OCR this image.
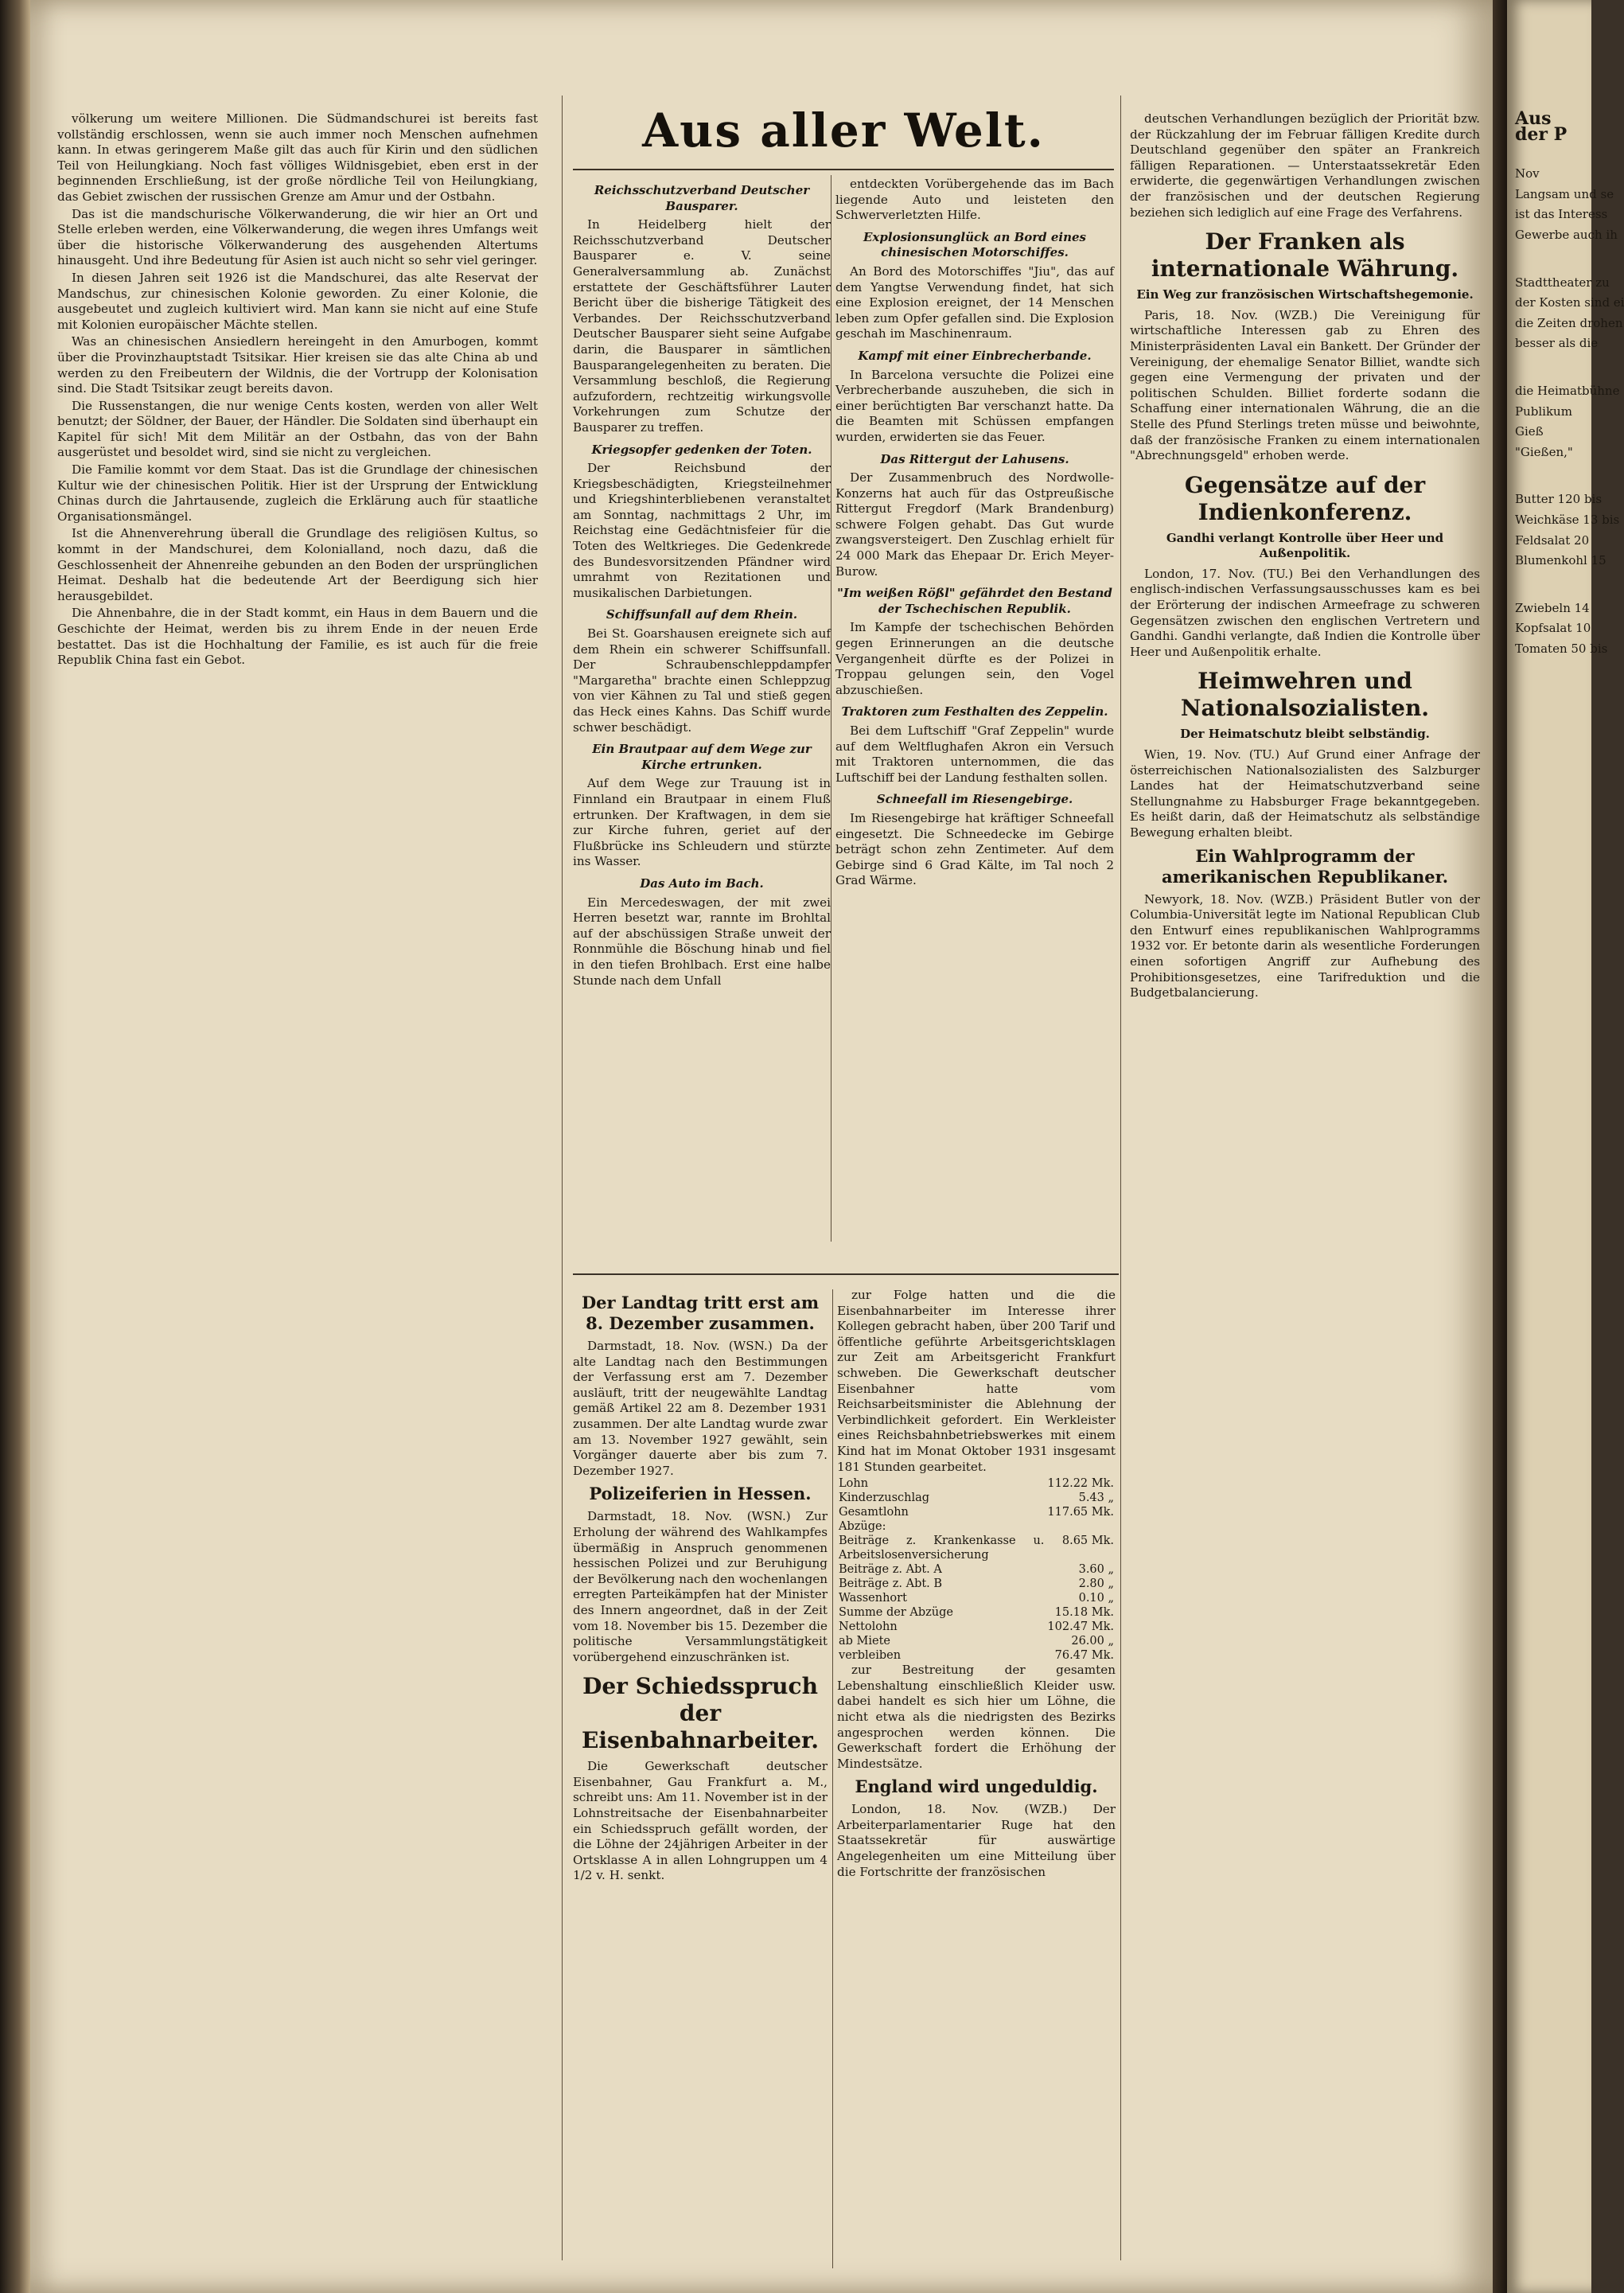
Aus aller Welt.

völkerung um weitere Millionen. Die Südmandschurei ist bereits fast vollständig erschlossen, wenn sie auch immer noch Menschen aufnehmen kann. In etwas geringerem Maße gilt das auch für Kirin und den südlichen Teil von Heilungkiang. Noch fast völliges Wildnisgebiet, eben erst in der beginnenden Erschließung, ist der große nördliche Teil von Heilungkiang, das Gebiet zwischen der russischen Grenze am Amur und der Ostbahn.

Das ist die mandschurische Völkerwanderung, die wir hier an Ort und Stelle erleben werden, eine Völkerwanderung, die wegen ihres Umfangs weit über die historische Völkerwanderung des ausgehenden Altertums hinausgeht. Und ihre Bedeutung für Asien ist auch nicht so sehr viel geringer.

In diesen Jahren seit 1926 ist die Mandschurei, das alte Reservat der Mandschus, zur chinesischen Kolonie geworden. Zu einer Kolonie, die ausgebeutet und zugleich kultiviert wird. Man kann sie nicht auf eine Stufe mit Kolonien europäischer Mächte stellen.

Was an chinesischen Ansiedlern hereingeht in den Amurbogen, kommt über die Provinzhauptstadt Tsitsikar. Hier kreisen sie das alte China ab und werden zu den Freibeutern der Wildnis, die der Vortrupp der Kolonisation sind. Die Stadt Tsitsikar zeugt bereits davon.

Die Russenstangen, die nur wenige Cents kosten, werden von aller Welt benutzt; der Söldner, der Bauer, der Händler. Die Soldaten sind überhaupt ein Kapitel für sich! Mit dem Militär an der Ostbahn, das von der Bahn ausgerüstet und besoldet wird, sind sie nicht zu vergleichen.

Die Familie kommt vor dem Staat. Das ist die Grundlage der chinesischen Kultur wie der chinesischen Politik. Hier ist der Ursprung der Entwicklung Chinas durch die Jahrtausende, zugleich die Erklärung auch für staatliche Organisationsmängel.

Ist die Ahnenverehrung überall die Grundlage des religiösen Kultus, so kommt in der Mandschurei, dem Kolonialland, noch dazu, daß die Geschlossenheit der Ahnenreihe gebunden an den Boden der ursprünglichen Heimat. Deshalb hat die bedeutende Art der Beerdigung sich hier herausgebildet.

Die Ahnenbahre, die in der Stadt kommt, ein Haus in dem Bauern und die Geschichte der Heimat, werden bis zu ihrem Ende in der neuen Erde bestattet. Das ist die Hochhaltung der Familie, es ist auch für die freie Republik China fast ein Gebot.

Reichsschutzverband Deutscher Bausparer.

In Heidelberg hielt der Reichsschutzverband Deutscher Bausparer e. V. seine Generalversammlung ab. Zunächst erstattete der Geschäftsführer Lauter Bericht über die bisherige Tätigkeit des Verbandes. Der Reichsschutzverband Deutscher Bausparer sieht seine Aufgabe darin, die Bausparer in sämtlichen Bausparangelegenheiten zu beraten. Die Versammlung beschloß, die Regierung aufzufordern, rechtzeitig wirkungsvolle Vorkehrungen zum Schutze der Bausparer zu treffen.

Kriegsopfer gedenken der Toten.

Der Reichsbund der Kriegsbeschädigten, Kriegsteilnehmer und Kriegshinterbliebenen veranstaltet am Sonntag, nachmittags 2 Uhr, im Reichstag eine Gedächtnisfeier für die Toten des Weltkrieges. Die Gedenkrede des Bundesvorsitzenden Pfändner wird umrahmt von Rezitationen und musikalischen Darbietungen.

Schiffsunfall auf dem Rhein.

Bei St. Goarshausen ereignete sich auf dem Rhein ein schwerer Schiffsunfall. Der Schraubenschleppdampfer "Margaretha" brachte einen Schleppzug von vier Kähnen zu Tal und stieß gegen das Heck eines Kahns. Das Schiff wurde schwer beschädigt.

Ein Brautpaar auf dem Wege zur Kirche ertrunken.

Auf dem Wege zur Trauung ist in Finnland ein Brautpaar in einem Fluß ertrunken. Der Kraftwagen, in dem sie zur Kirche fuhren, geriet auf der Flußbrücke ins Schleudern und stürzte ins Wasser.

Das Auto im Bach.

Ein Mercedeswagen, der mit zwei Herren besetzt war, rannte im Brohltal auf der abschüssigen Straße unweit der Ronnmühle die Böschung hinab und fiel in den tiefen Brohlbach. Erst eine halbe Stunde nach dem Unfall

entdeckten Vorübergehende das im Bach liegende Auto und leisteten den Schwerverletzten Hilfe.

Explosionsunglück an Bord eines chinesischen Motorschiffes.

An Bord des Motorschiffes "Jiu", das auf dem Yangtse Verwendung findet, hat sich eine Explosion ereignet, der 14 Menschen leben zum Opfer gefallen sind. Die Explosion geschah im Maschinenraum.

Kampf mit einer Einbrecherbande.

In Barcelona versuchte die Polizei eine Verbrecherbande auszuheben, die sich in einer berüchtigten Bar verschanzt hatte. Da die Beamten mit Schüssen empfangen wurden, erwiderten sie das Feuer.

Das Rittergut der Lahusens.

Der Zusammenbruch des Nordwolle-Konzerns hat auch für das Ostpreußische Rittergut Fregdorf (Mark Brandenburg) schwere Folgen gehabt. Das Gut wurde zwangsversteigert. Den Zuschlag erhielt für 24 000 Mark das Ehepaar Dr. Erich Meyer-Burow.

"Im weißen Rößl" gefährdet den Bestand der Tschechischen Republik.

Im Kampfe der tschechischen Behörden gegen Erinnerungen an die deutsche Vergangenheit dürfte es der Polizei in Troppau gelungen sein, den Vogel abzuschießen.

Traktoren zum Festhalten des Zeppelin.

Bei dem Luftschiff "Graf Zeppelin" wurde auf dem Weltflughafen Akron ein Versuch mit Traktoren unternommen, die das Luftschiff bei der Landung festhalten sollen.

Schneefall im Riesengebirge.

Im Riesengebirge hat kräftiger Schneefall eingesetzt. Die Schneedecke im Gebirge beträgt schon zehn Zentimeter. Auf dem Gebirge sind 6 Grad Kälte, im Tal noch 2 Grad Wärme.

Der Landtag tritt erst am 8. Dezember zusammen.

Darmstadt, 18. Nov. (WSN.) Da der alte Landtag nach den Bestimmungen der Verfassung erst am 7. Dezember ausläuft, tritt der neugewählte Landtag gemäß Artikel 22 am 8. Dezember 1931 zusammen. Der alte Landtag wurde zwar am 13. November 1927 gewählt, sein Vorgänger dauerte aber bis zum 7. Dezember 1927.

Polizeiferien in Hessen.

Darmstadt, 18. Nov. (WSN.) Zur Erholung der während des Wahlkampfes übermäßig in Anspruch genommenen hessischen Polizei und zur Beruhigung der Bevölkerung nach den wochenlangen erregten Parteikämpfen hat der Minister des Innern angeordnet, daß in der Zeit vom 18. November bis 15. Dezember die politische Versammlungstätigkeit vorübergehend einzuschränken ist.

Der Schiedsspruch der Eisenbahnarbeiter.

Die Gewerkschaft deutscher Eisenbahner, Gau Frankfurt a. M., schreibt uns: Am 11. November ist in der Lohnstreitsache der Eisenbahnarbeiter ein Schiedsspruch gefällt worden, der die Löhne der 24jährigen Arbeiter in der Ortsklasse A in allen Lohngruppen um 4 1/2 v. H. senkt.

zur Folge hatten und die die Eisenbahnarbeiter im Interesse ihrer Kollegen gebracht haben, über 200 Tarif und öffentliche geführte Arbeitsgerichtsklagen zur Zeit am Arbeitsgericht Frankfurt schweben. Die Gewerkschaft deutscher Eisenbahner hatte vom Reichsarbeitsminister die Ablehnung der Verbindlichkeit gefordert. Ein Werkleister eines Reichsbahnbetriebswerkes mit einem Kind hat im Monat Oktober 1931 insgesamt 181 Stunden gearbeitet.

Lohn	112.22 Mk.
Kinderzuschlag	5.43 „
Gesamtlohn	117.65 Mk.
Abzüge:	
Beiträge z. Krankenkasse u. Arbeitslosenversicherung	8.65 Mk.
Beiträge z. Abt. A	3.60 „
Beiträge z. Abt. B	2.80 „
Wassenhort	0.10 „
Summe der Abzüge	15.18 Mk.
Nettolohn	102.47 Mk.
ab Miete	26.00 „
verbleiben	76.47 Mk.

zur Bestreitung der gesamten Lebenshaltung einschließlich Kleider usw. dabei handelt es sich hier um Löhne, die nicht etwa als die niedrigsten des Bezirks angesprochen werden können. Die Gewerkschaft fordert die Erhöhung der Mindestsätze.

England wird ungeduldig.

London, 18. Nov. (WZB.) Der Arbeiterparlamentarier Ruge hat den Staatssekretär für auswärtige Angelegenheiten um eine Mitteilung über die Fortschritte der französischen

deutschen Verhandlungen bezüglich der Priorität bzw. der Rückzahlung der im Februar fälligen Kredite durch Deutschland gegenüber den später an Frankreich fälligen Reparationen. — Unterstaatssekretär Eden erwiderte, die gegenwärtigen Verhandlungen zwischen der französischen und der deutschen Regierung beziehen sich lediglich auf eine Frage des Verfahrens.

Der Franken als internationale Währung.
Ein Weg zur französischen Wirtschaftshegemonie.

Paris, 18. Nov. (WZB.) Die Vereinigung für wirtschaftliche Interessen gab zu Ehren des Ministerpräsidenten Laval ein Bankett. Der Gründer der Vereinigung, der ehemalige Senator Billiet, wandte sich gegen eine Vermengung der privaten und der politischen Schulden. Billiet forderte sodann die Schaffung einer internationalen Währung, die an die Stelle des Pfund Sterlings treten müsse und beiwohnte, daß der französische Franken zu einem internationalen "Abrechnungsgeld" erhoben werde.

Gegensätze auf der Indienkonferenz.
Gandhi verlangt Kontrolle über Heer und Außenpolitik.

London, 17. Nov. (TU.) Bei den Verhandlungen des englisch-indischen Verfassungsausschusses kam es bei der Erörterung der indischen Armeefrage zu schweren Gegensätzen zwischen den englischen Vertretern und Gandhi. Gandhi verlangte, daß Indien die Kontrolle über Heer und Außenpolitik erhalte.

Heimwehren und Nationalsozialisten.
Der Heimatschutz bleibt selbständig.

Wien, 19. Nov. (TU.) Auf Grund einer Anfrage der österreichischen Nationalsozialisten des Salzburger Landes hat der Heimatschutzverband seine Stellungnahme zu Habsburger Frage bekanntgegeben. Es heißt darin, daß der Heimatschutz als selbständige Bewegung erhalten bleibt.

Ein Wahlprogramm der amerikanischen Republikaner.

Newyork, 18. Nov. (WZB.) Präsident Butler von der Columbia-Universität legte im National Republican Club den Entwurf eines republikanischen Wahlprogramms 1932 vor. Er betonte darin als wesentliche Forderungen einen sofortigen Angriff zur Aufhebung des Prohibitionsgesetzes, eine Tarifreduktion und die Budgetbalancierung.

Aus der P
Nov
Langsam und se
ist das Interess
Gewerbe auch ih
Stadttheater zu
der Kosten sind ei
die Zeiten drohen
besser als die
die Heimatbühne
Publikum
Gieß
"Gießen,"
Butter 120 bis
Weichkäse 13 bis
Feldsalat 20
Blumenkohl 15
Zwiebeln 14
Kopfsalat 10
Tomaten 50 bis
